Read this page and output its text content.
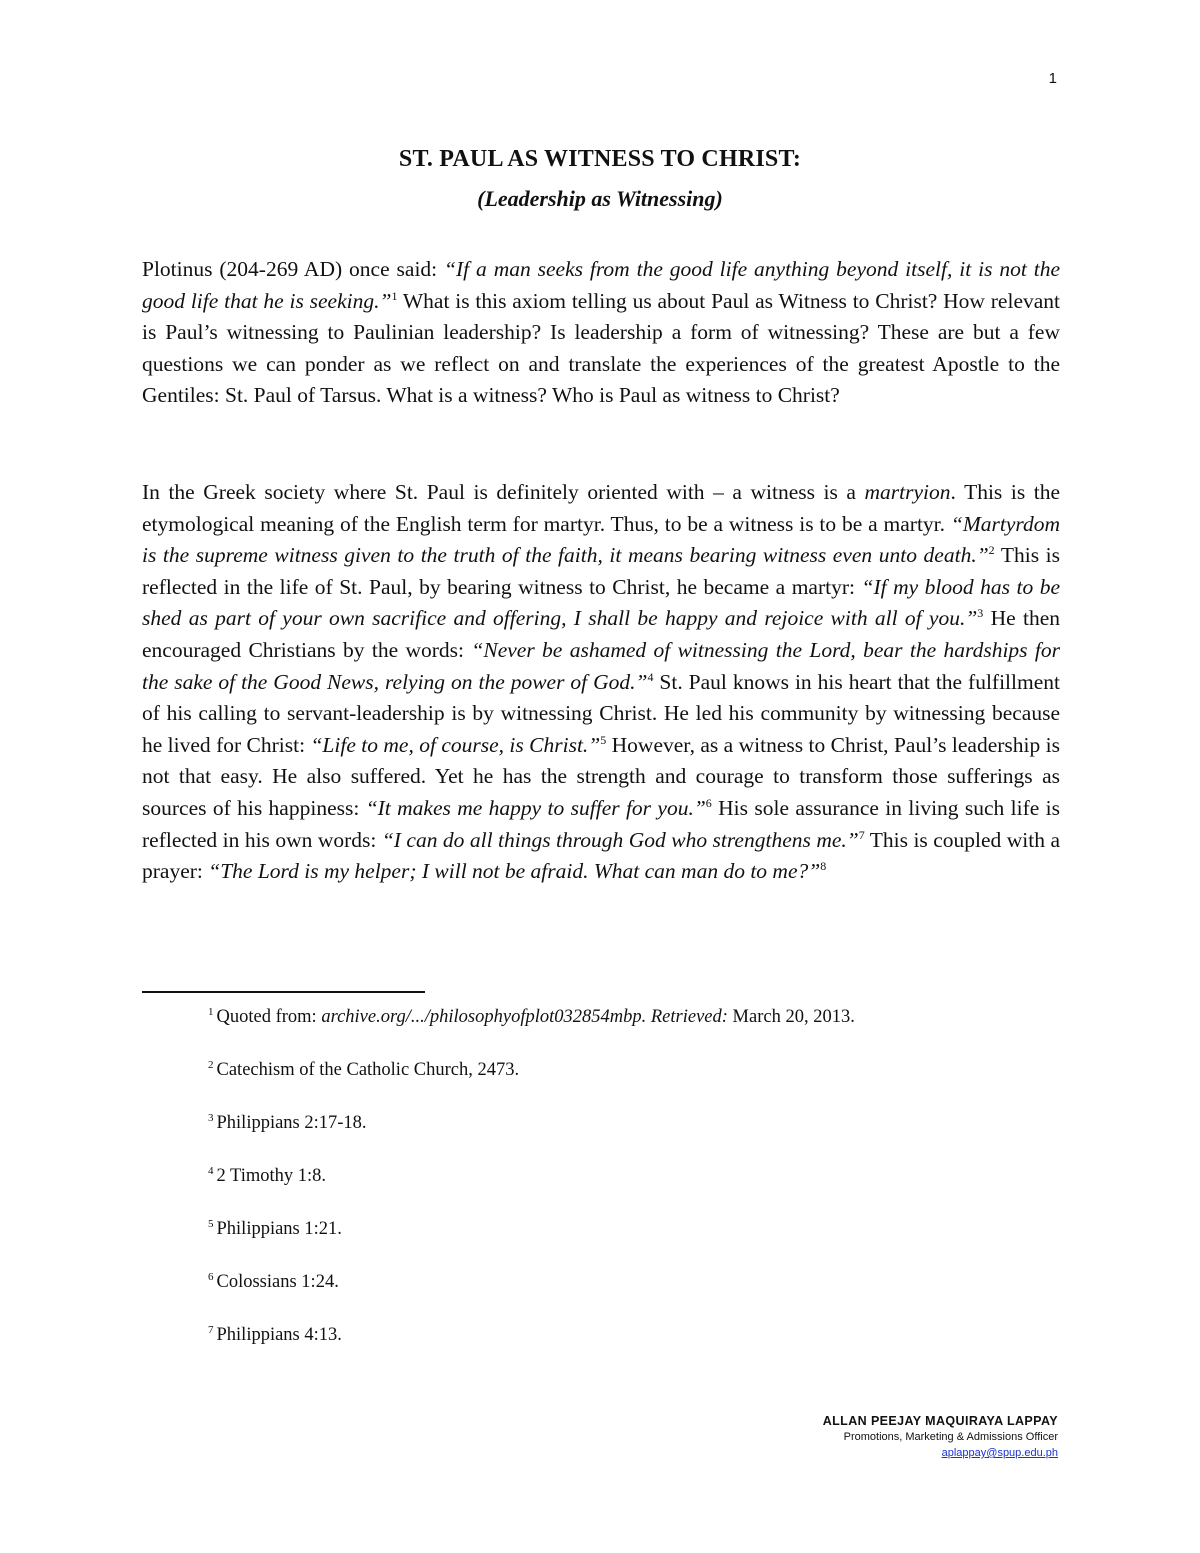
1
ST. PAUL AS WITNESS TO CHRIST:
(Leadership as Witnessing)

Plotinus (204-269 AD) once said: “If a man seeks from the good life anything beyond itself, it is not the good life that he is seeking.”$^1$ What is this axiom telling us about Paul as Witness to Christ? How relevant is Paul’s witnessing to Paulinian leadership? Is leadership a form of witnessing? These are but a few questions we can ponder as we reflect on and translate the experiences of the greatest Apostle to the Gentiles: St. Paul of Tarsus. What is a witness? Who is Paul as witness to Christ?

In the Greek society where St. Paul is definitely oriented with – a witness is a martryion. This is the etymological meaning of the English term for martyr. Thus, to be a witness is to be a martyr. “Martyrdom is the supreme witness given to the truth of the faith, it means bearing witness even unto death.”$^2$ This is reflected in the life of St. Paul, by bearing witness to Christ, he became a martyr: “If my blood has to be shed as part of your own sacrifice and offering, I shall be happy and rejoice with all of you.”$^3$ He then encouraged Christians by the words: “Never be ashamed of witnessing the Lord, bear the hardships for the sake of the Good News, relying on the power of God.”$^4$ St. Paul knows in his heart that the fulfillment of his calling to servant-leadership is by witnessing Christ. He led his community by witnessing because he lived for Christ: “Life to me, of course, is Christ.”$^5$ However, as a witness to Christ, Paul’s leadership is not that easy. He also suffered. Yet he has the strength and courage to transform those sufferings as sources of his happiness: “It makes me happy to suffer for you.”$^6$ His sole assurance in living such life is reflected in his own words: “I can do all things through God who strengthens me.”$^7$ This is coupled with a prayer: “The Lord is my helper; I will not be afraid. What can man do to me?”$^8$

$^1$ Quoted from: archive.org/.../philosophyofplot032854mbp. Retrieved: March 20, 2013.
$^2$ Catechism of the Catholic Church, 2473.
$^3$ Philippians 2:17-18.
$^4$ 2 Timothy 1:8.
$^5$ Philippians 1:21.
$^6$ Colossians 1:24.
$^7$ Philippians 4:13.
ALLAN PEEJAY MAQUIRAYA LAPPAY
Promotions, Marketing & Admissions Officer
aplappay@spup.edu.ph
